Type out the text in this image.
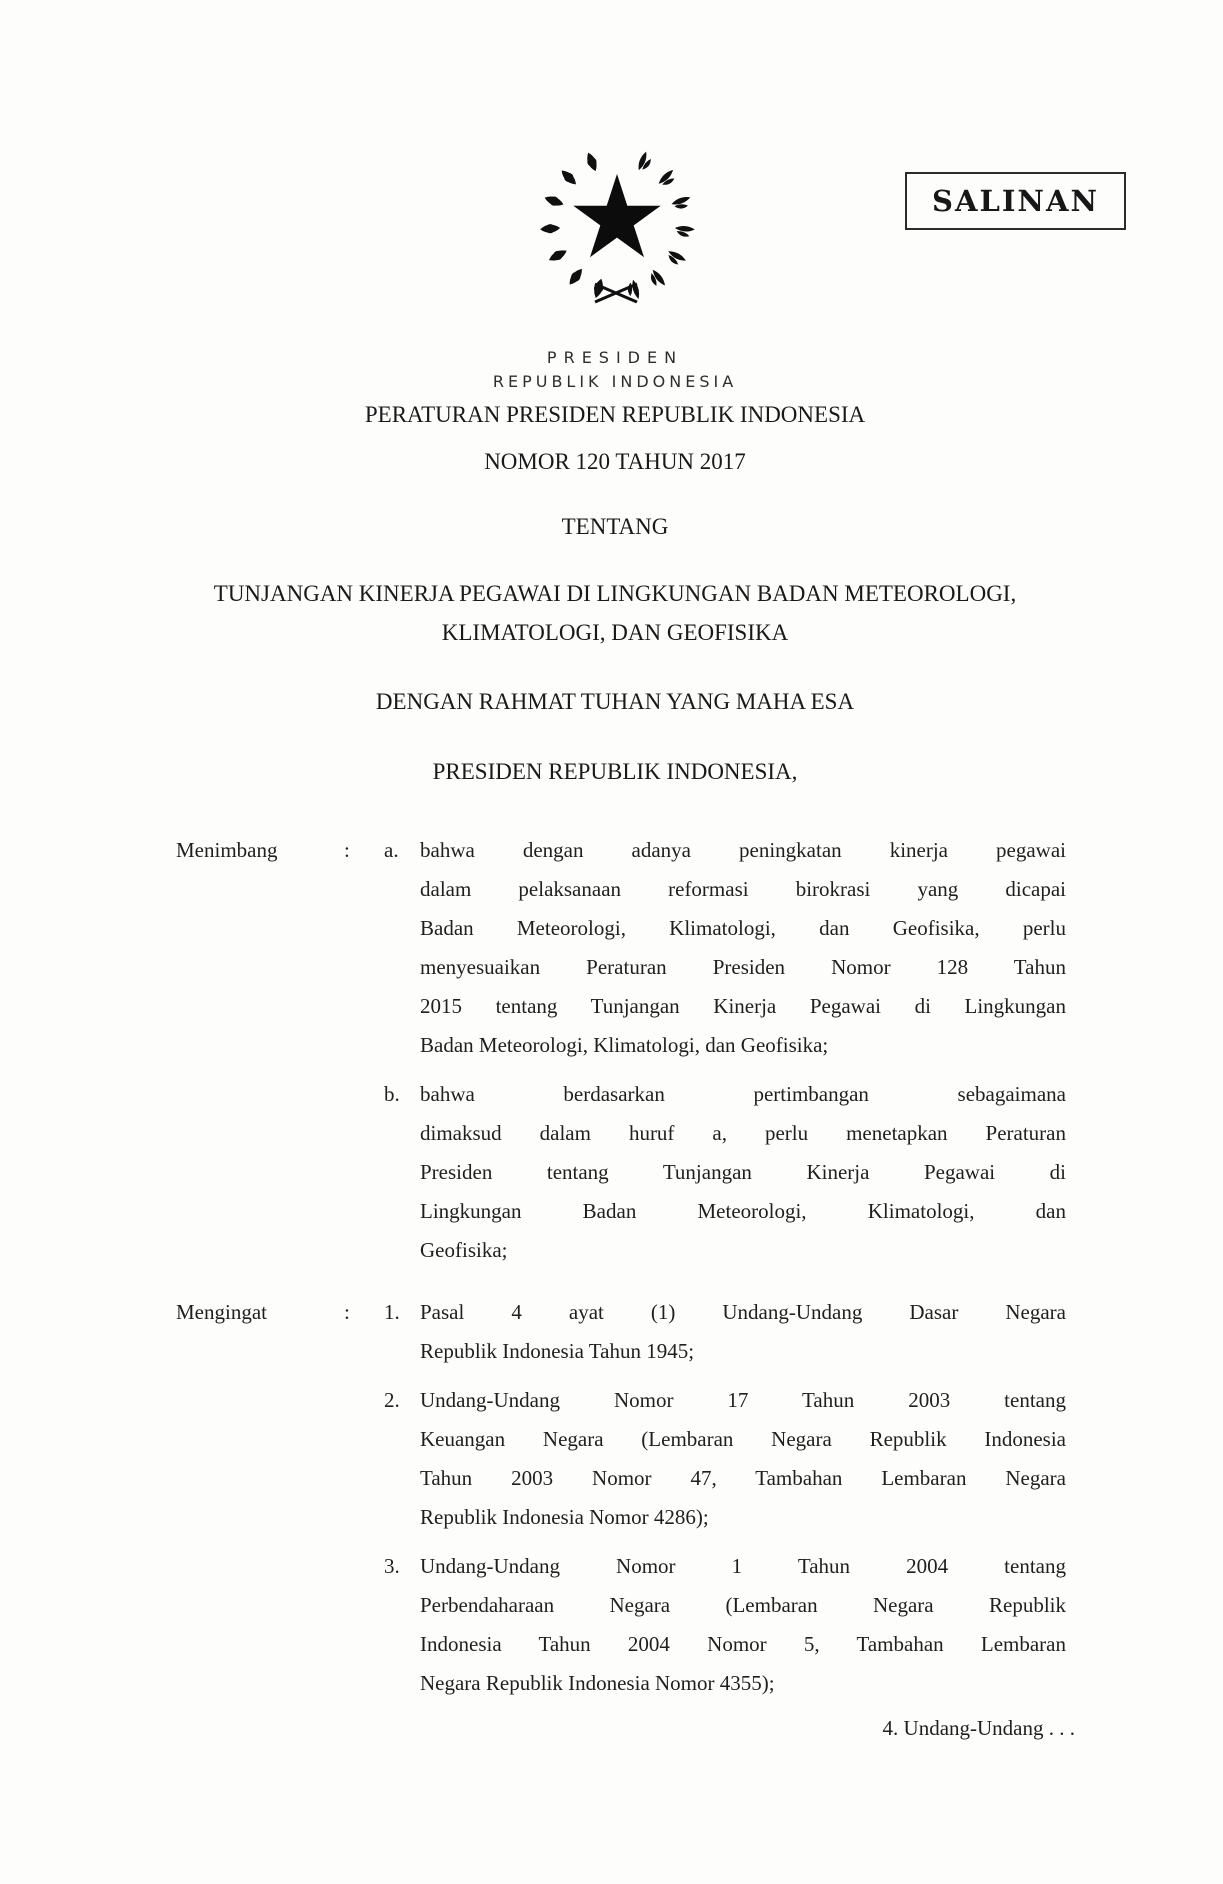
SALINAN
PRESIDEN
REPUBLIK INDONESIA
PERATURAN PRESIDEN REPUBLIK INDONESIA
NOMOR 120 TAHUN 2017
TENTANG
TUNJANGAN KINERJA PEGAWAI DI LINGKUNGAN BADAN METEOROLOGI,
KLIMATOLOGI, DAN GEOFISIKA
DENGAN RAHMAT TUHAN YANG MAHA ESA
PRESIDEN REPUBLIK INDONESIA,
Menimbang	:	a.	bahwa dengan adanya peningkatan kinerja pegawai
dalam pelaksanaan reformasi birokrasi yang dicapai
Badan Meteorologi, Klimatologi, dan Geofisika, perlu
menyesuaikan Peraturan Presiden Nomor 128 Tahun
2015 tentang Tunjangan Kinerja Pegawai di Lingkungan
Badan Meteorologi, Klimatologi, dan Geofisika;
b. bahwa berdasarkan pertimbangan sebagaimana
dimaksud dalam huruf a, perlu menetapkan Peraturan
Presiden tentang Tunjangan Kinerja Pegawai di
Lingkungan Badan Meteorologi, Klimatologi, dan
Geofisika;
Mengingat	:	1. Pasal 4 ayat (1) Undang-Undang Dasar Negara
Republik Indonesia Tahun 1945;
2. Undang-Undang Nomor 17 Tahun 2003 tentang
Keuangan Negara (Lembaran Negara Republik Indonesia
Tahun 2003 Nomor 47, Tambahan Lembaran Negara
Republik Indonesia Nomor 4286);
3. Undang-Undang Nomor 1 Tahun 2004 tentang
Perbendaharaan Negara (Lembaran Negara Republik
Indonesia Tahun 2004 Nomor 5, Tambahan Lembaran
Negara Republik Indonesia Nomor 4355);
4. Undang-Undang . . .
